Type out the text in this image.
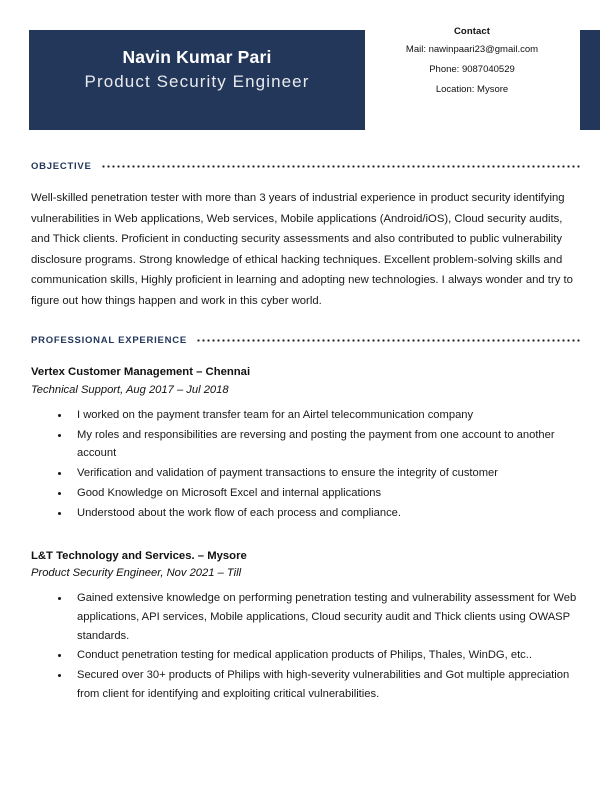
Navin Kumar Pari
Product Security Engineer
Contact
Mail: nawinpaari23@gmail.com
Phone: 9087040529
Location: Mysore
OBJECTIVE

Well-skilled penetration tester with more than 3 years of industrial experience in product security identifying vulnerabilities in Web applications, Web services, Mobile applications (Android/iOS), Cloud security audits, and Thick clients. Proficient in conducting security assessments and also contributed to public vulnerability disclosure programs. Strong knowledge of ethical hacking techniques. Excellent problem-solving skills and communication skills, Highly proficient in learning and adopting new technologies. I always wonder and try to figure out how things happen and work in this cyber world.

PROFESSIONAL EXPERIENCE
Vertex Customer Management – Chennai
Technical Support, Aug 2017 – Jul 2018
I worked on the payment transfer team for an Airtel telecommunication company
My roles and responsibilities are reversing and posting the payment from one account to another account
Verification and validation of payment transactions to ensure the integrity of customer
Good Knowledge on Microsoft Excel and internal applications
Understood about the work flow of each process and compliance.
L&T Technology and Services. – Mysore
Product Security Engineer, Nov 2021 – Till
Gained extensive knowledge on performing penetration testing and vulnerability assessment for Web applications, API services, Mobile applications, Cloud security audit and Thick clients using OWASP standards.
Conduct penetration testing for medical application products of Philips, Thales, WinDG, etc..
Secured over 30+ products of Philips with high-severity vulnerabilities and Got multiple appreciation from client for identifying and exploiting critical vulnerabilities.
